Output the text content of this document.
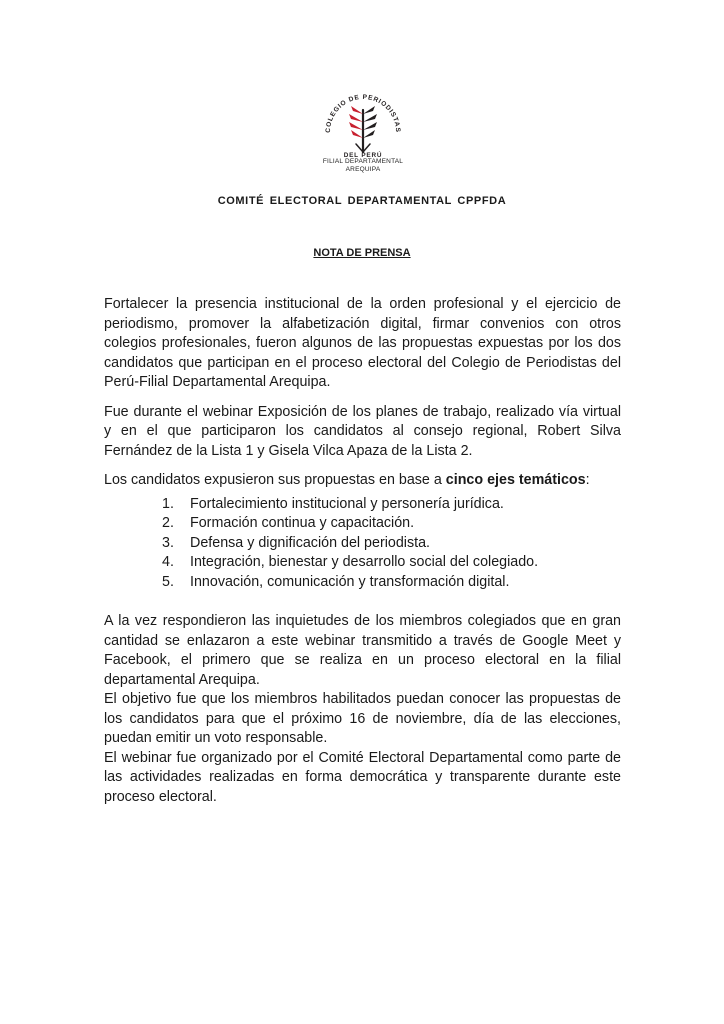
COLEGIO DE PERIODISTAS
DEL PERÚ
FILIAL DEPARTAMENTAL
AREQUIPA
COMITÉ ELECTORAL DEPARTAMENTAL CPPFDA
NOTA DE PRENSA

Fortalecer la presencia institucional de la orden profesional y el ejercicio de periodismo, promover la alfabetización digital, firmar convenios con otros colegios profesionales, fueron algunos de las propuestas expuestas por los dos candidatos que participan en el proceso electoral del Colegio de Periodistas del Perú-Filial Departamental Arequipa.

Fue durante el webinar Exposición de los planes de trabajo, realizado vía virtual y en el que participaron los candidatos al consejo regional, Robert Silva Fernández de la Lista 1 y Gisela Vilca Apaza de la Lista 2.

Los candidatos expusieron sus propuestas en base a cinco ejes temáticos:

1. Fortalecimiento institucional y personería jurídica.
2. Formación continua y capacitación.
3. Defensa y dignificación del periodista.
4. Integración, bienestar y desarrollo social del colegiado.
5. Innovación, comunicación y transformación digital.

A la vez respondieron las inquietudes de los miembros colegiados que en gran cantidad se enlazaron a este webinar transmitido a través de Google Meet y Facebook, el primero que se realiza en un proceso electoral en la filial departamental Arequipa.

El objetivo fue que los miembros habilitados puedan conocer las propuestas de los candidatos para que el próximo 16 de noviembre, día de las elecciones, puedan emitir un voto responsable.

El webinar fue organizado por el Comité Electoral Departamental como parte de las actividades realizadas en forma democrática y transparente durante este proceso electoral.
